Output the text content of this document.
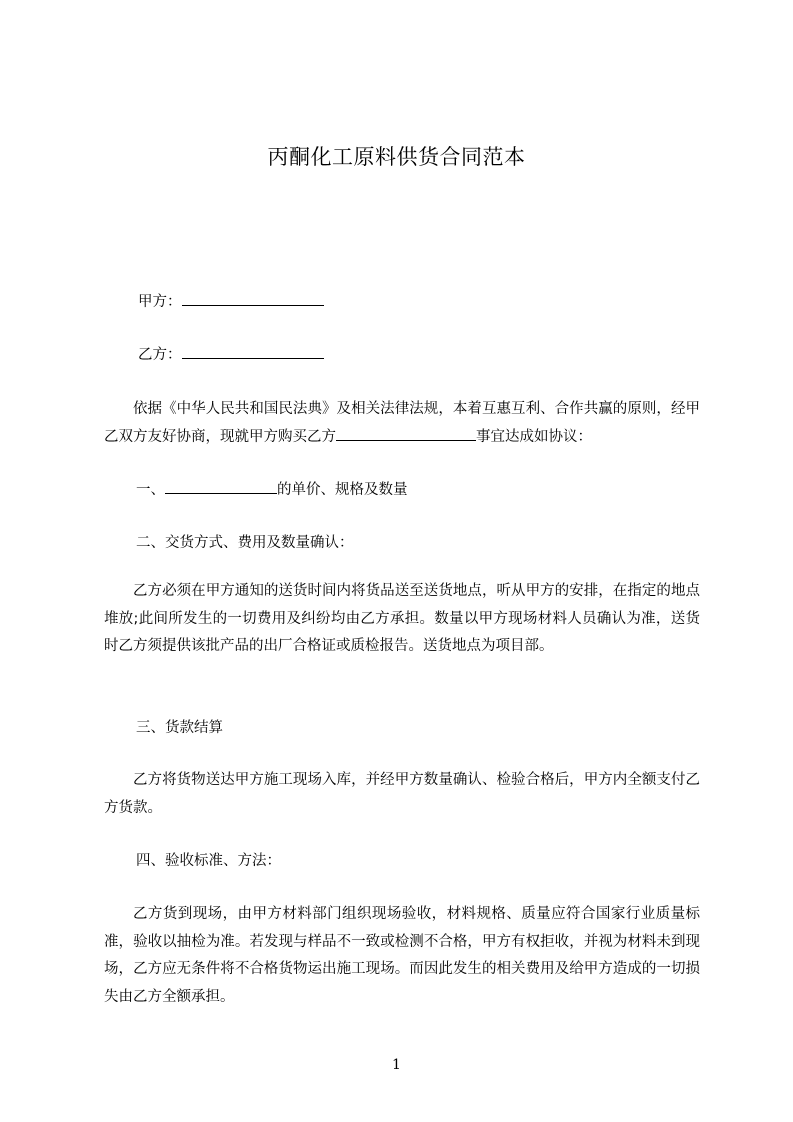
丙酮化工原料供货合同范本
甲方：
乙方：

依据《中华人民共和国民法典》及相关法律法规，本着互惠互利、合作共赢的原则，经甲乙双方友好协商，现就甲方购买乙方	事宜达成如协议：

一、	的单价、规格及数量
二、交货方式、费用及数量确认：

乙方必须在甲方通知的送货时间内将货品送至送货地点，听从甲方的安排，在指定的地点堆放;此间所发生的一切费用及纠纷均由乙方承担。数量以甲方现场材料人员确认为准，送货时乙方须提供该批产品的出厂合格证或质检报告。送货地点为项目部。

三、货款结算

乙方将货物送达甲方施工现场入库，并经甲方数量确认、检验合格后，甲方内全额支付乙方货款。

四、验收标准、方法：

乙方货到现场，由甲方材料部门组织现场验收，材料规格、质量应符合国家行业质量标准，验收以抽检为准。若发现与样品不一致或检测不合格，甲方有权拒收，并视为材料未到现场，乙方应无条件将不合格货物运出施工现场。而因此发生的相关费用及给甲方造成的一切损失由乙方全额承担。

1
